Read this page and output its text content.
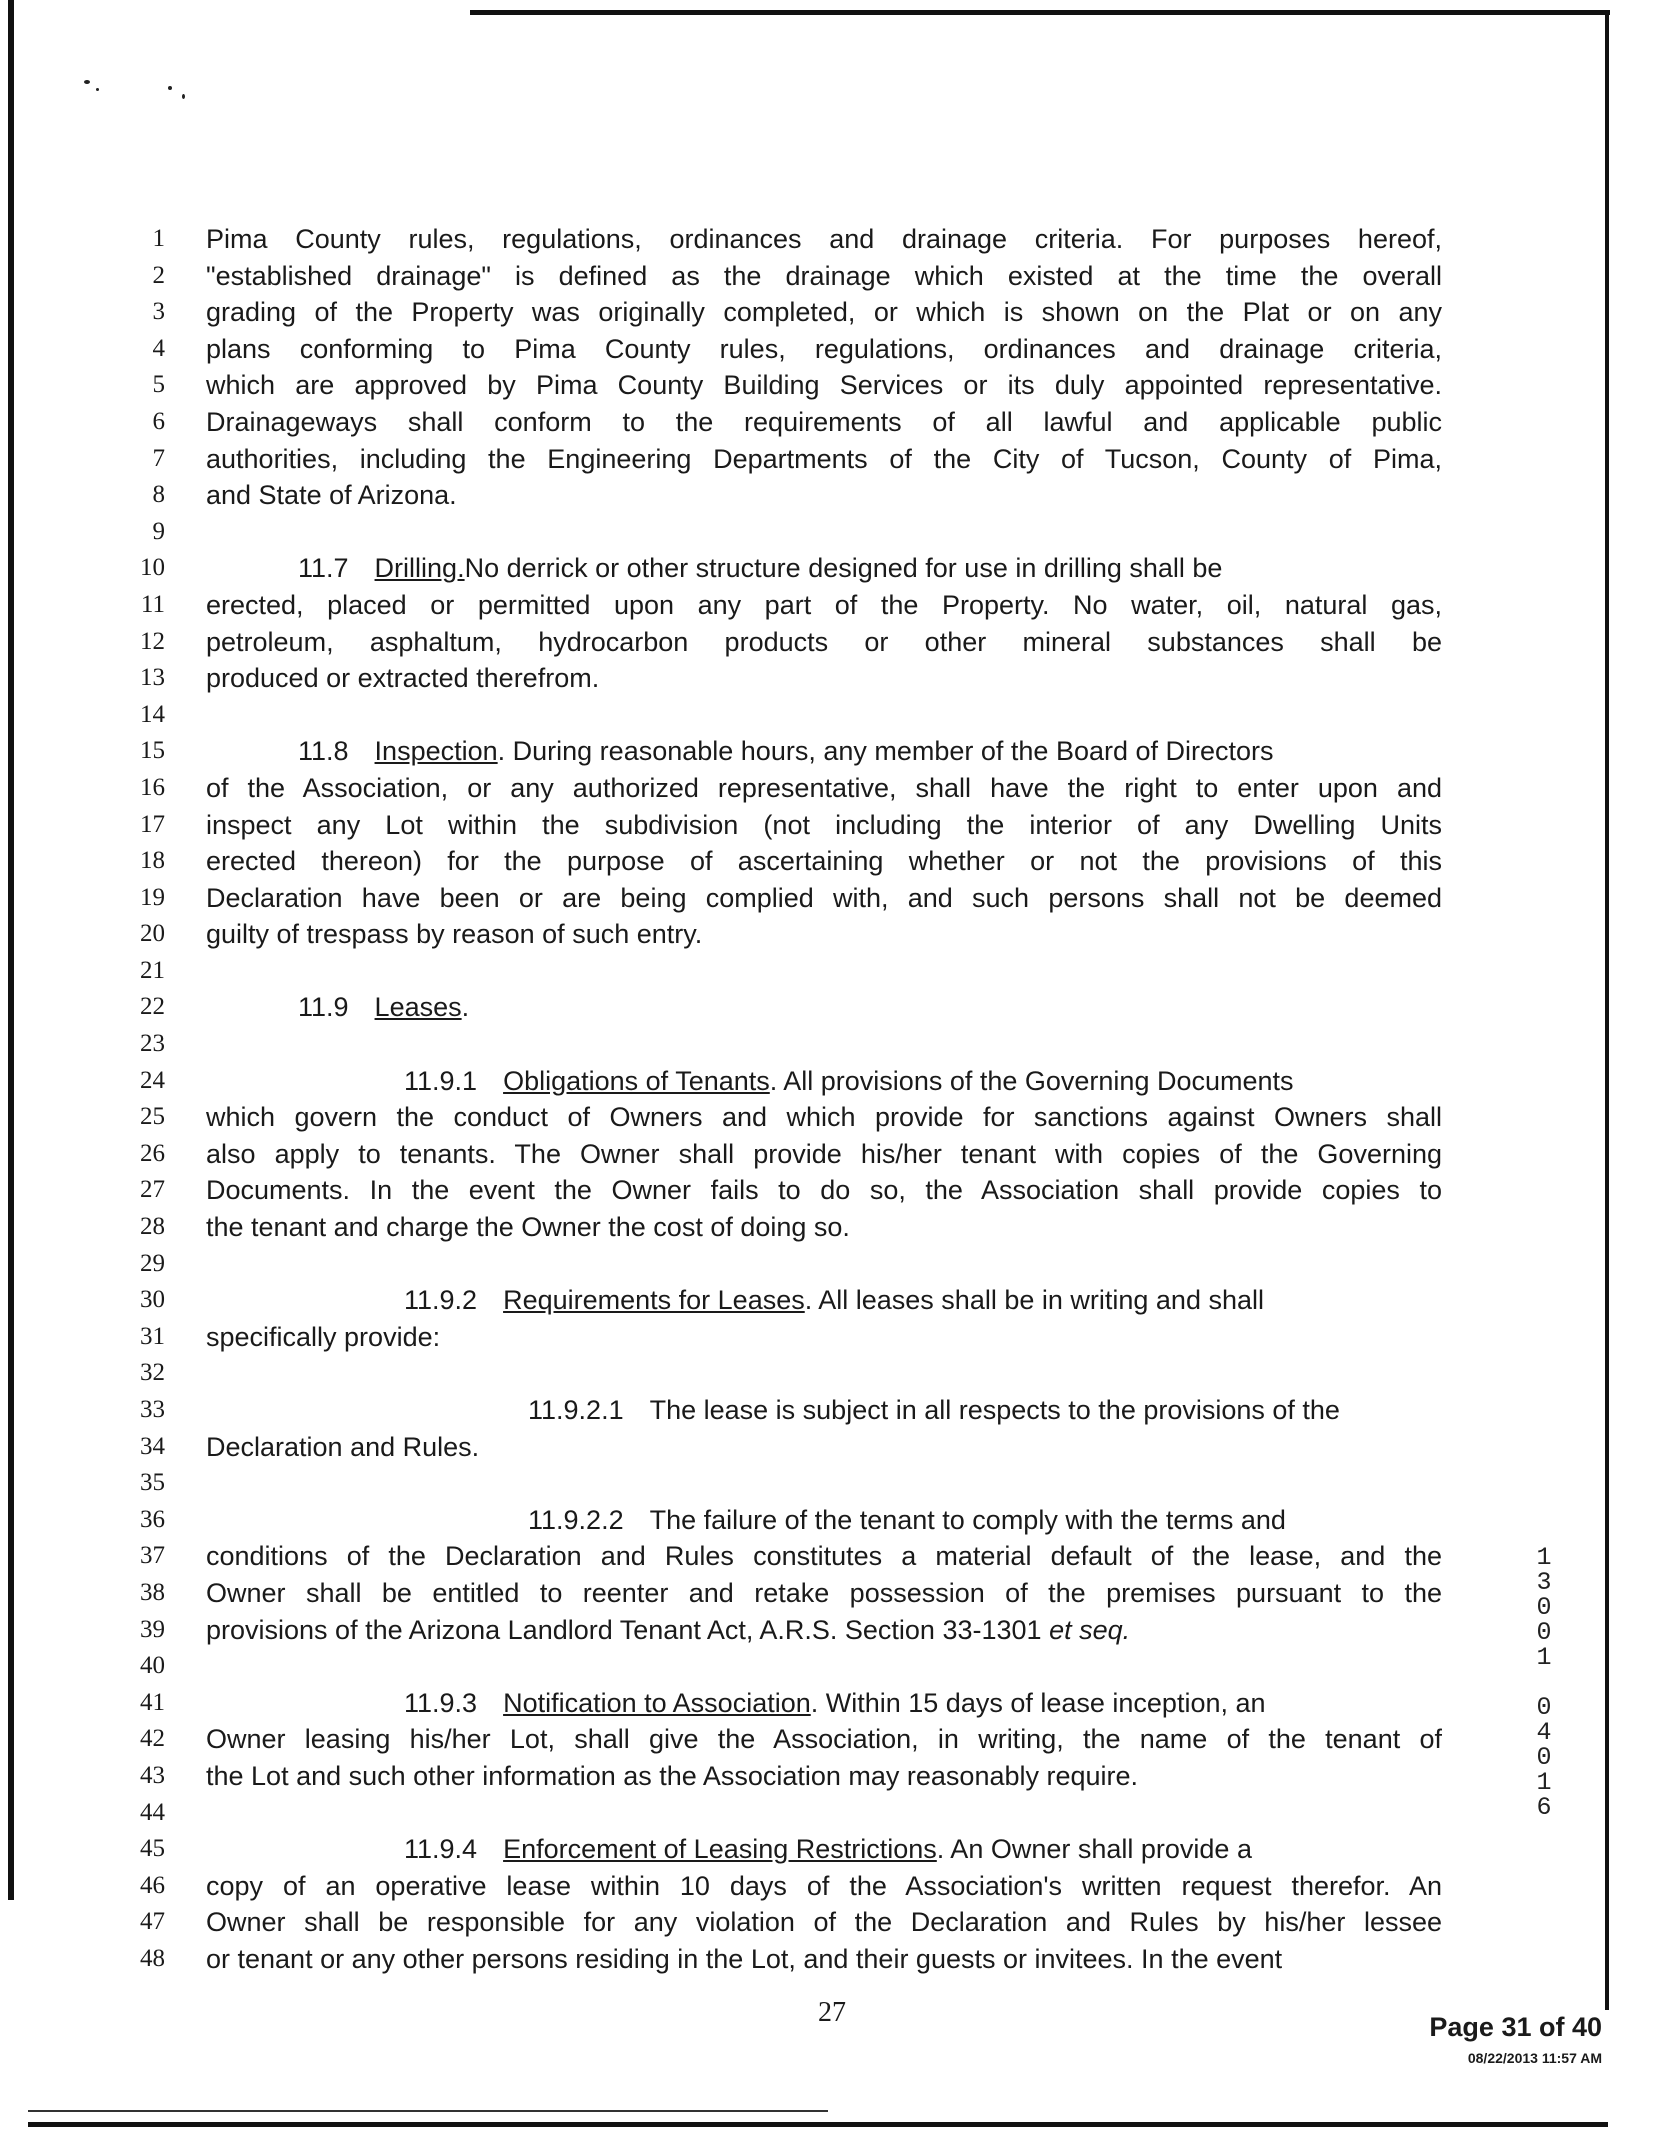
1 Pima County rules, regulations, ordinances and drainage criteria. For purposes hereof,
2 "established drainage" is defined as the drainage which existed at the time the overall
3 grading of the Property was originally completed, or which is shown on the Plat or on any
4 plans conforming to Pima County rules, regulations, ordinances and drainage criteria,
5 which are approved by Pima County Building Services or its duly appointed representative.
6 Drainageways shall conform to the requirements of all lawful and applicable public
7 authorities, including the Engineering Departments of the City of Tucson, County of Pima,
8 and State of Arizona.
9
10	11.7 Drilling.No derrick or other structure designed for use in drilling shall be
11 erected, placed or permitted upon any part of the Property. No water, oil, natural gas,
12 petroleum, asphaltum, hydrocarbon products or other mineral substances shall be
13 produced or extracted therefrom.
14
15	11.8 Inspection. During reasonable hours, any member of the Board of Directors
16 of the Association, or any authorized representative, shall have the right to enter upon and
17 inspect any Lot within the subdivision (not including the interior of any Dwelling Units
18 erected thereon) for the purpose of ascertaining whether or not the provisions of this
19 Declaration have been or are being complied with, and such persons shall not be deemed
20 guilty of trespass by reason of such entry.
21
22	11.9 Leases.
23
24	11.9.1 Obligations of Tenants. All provisions of the Governing Documents
25 which govern the conduct of Owners and which provide for sanctions against Owners shall
26 also apply to tenants. The Owner shall provide his/her tenant with copies of the Governing
27 Documents. In the event the Owner fails to do so, the Association shall provide copies to
28 the tenant and charge the Owner the cost of doing so.
29
30	11.9.2 Requirements for Leases. All leases shall be in writing and shall
31 specifically provide:
32
33	11.9.2.1 The lease is subject in all respects to the provisions of the
34 Declaration and Rules.
35
36	11.9.2.2 The failure of the tenant to comply with the terms and
37 conditions of the Declaration and Rules constitutes a material default of the lease, and the
38 Owner shall be entitled to reenter and retake possession of the premises pursuant to the
39 provisions of the Arizona Landlord Tenant Act, A.R.S. Section 33-1301 et seq.
40
41	11.9.3 Notification to Association. Within 15 days of lease inception, an
42 Owner leasing his/her Lot, shall give the Association, in writing, the name of the tenant of
43 the Lot and such other information as the Association may reasonably require.
44
45	11.9.4 Enforcement of Leasing Restrictions. An Owner shall provide a
46 copy of an operative lease within 10 days of the Association's written request therefor. An
47 Owner shall be responsible for any violation of the Declaration and Rules by his/her lessee
48 or tenant or any other persons residing in the Lot, and their guests or invitees. In the event
27	Page 31 of 40
08/22/2013 11:57 AM
1
3
0
0
1
0
4
0
1
6
